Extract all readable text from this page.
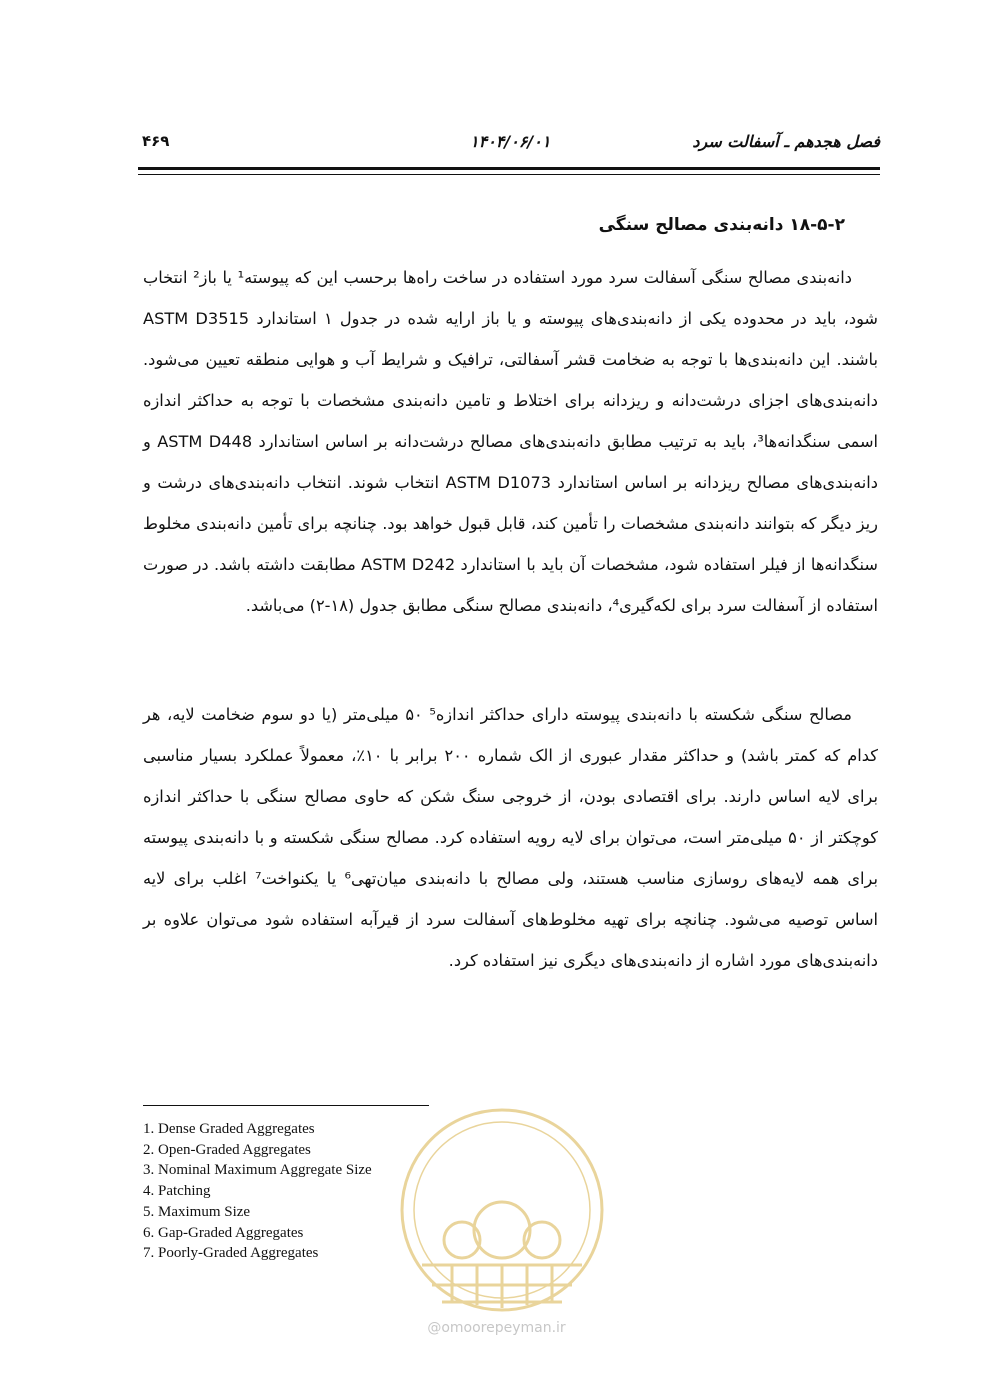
فصل هجدهم ـ آسفالت سرد
۱۴۰۴/۰۶/۰۱
۴۶۹
۱۸-۵-۲ دانه‌بندی مصالح سنگی

دانه‌بندی مصالح سنگی آسفالت سرد مورد استفاده در ساخت راه‌ها برحسب این که پیوسته¹ یا باز² انتخاب شود، باید در محدوده یکی از دانه‌بندی‌های پیوسته و یا باز ارایه شده در جدول ۱ استاندارد ASTM D3515 باشند. این دانه‌بندی‌ها با توجه به ضخامت قشر آسفالتی، ترافیک و شرایط آب و هوایی منطقه تعیین می‌شود. دانه‌بندی‌های اجزای درشت‌دانه و ریزدانه برای اختلاط و تامین دانه‌بندی مشخصات با توجه به حداکثر اندازه اسمی سنگدانه‌ها³، باید به ترتیب مطابق دانه‌بندی‌های مصالح درشت‌دانه بر اساس استاندارد ASTM D448 و دانه‌بندی‌های مصالح ریزدانه بر اساس استاندارد ASTM D1073 انتخاب شوند. انتخاب دانه‌بندی‌های درشت و ریز دیگر که بتوانند دانه‌بندی مشخصات را تأمین کند، قابل قبول خواهد بود. چنانچه برای تأمین دانه‌بندی مخلوط سنگدانه‌ها از فیلر استفاده شود، مشخصات آن باید با استاندارد ASTM D242 مطابقت داشته باشد. در صورت استفاده از آسفالت سرد برای لکه‌گیری⁴، دانه‌بندی مصالح سنگی مطابق جدول (۱۸-۲) می‌باشد.

مصالح سنگی شکسته با دانه‌بندی پیوسته دارای حداکثر اندازه⁵ ۵۰ میلی‌متر (یا دو سوم ضخامت لایه، هر کدام که کمتر باشد) و حداکثر مقدار عبوری از الک شماره ۲۰۰ برابر با ۱۰٪، معمولاً عملکرد بسیار مناسبی برای لایه اساس دارند. برای اقتصادی بودن، از خروجی سنگ شکن که حاوی مصالح سنگی با حداکثر اندازه کوچکتر از ۵۰ میلی‌متر است، می‌توان برای لایه رویه استفاده کرد. مصالح سنگی شکسته و با دانه‌بندی پیوسته برای همه لایه‌های روسازی مناسب هستند، ولی مصالح با دانه‌بندی میان‌تهی⁶ یا یکنواخت⁷ اغلب برای لایه اساس توصیه می‌شود. چنانچه برای تهیه مخلوط‌های آسفالت سرد از قیرآبه استفاده شود می‌توان علاوه بر دانه‌بندی‌های مورد اشاره از دانه‌بندی‌های دیگری نیز استفاده کرد.

@omoorepeyman.ir
1. Dense Graded Aggregates
2. Open-Graded Aggregates
3. Nominal Maximum Aggregate Size
4. Patching
5. Maximum Size
6. Gap-Graded Aggregates
7. Poorly-Graded Aggregates
